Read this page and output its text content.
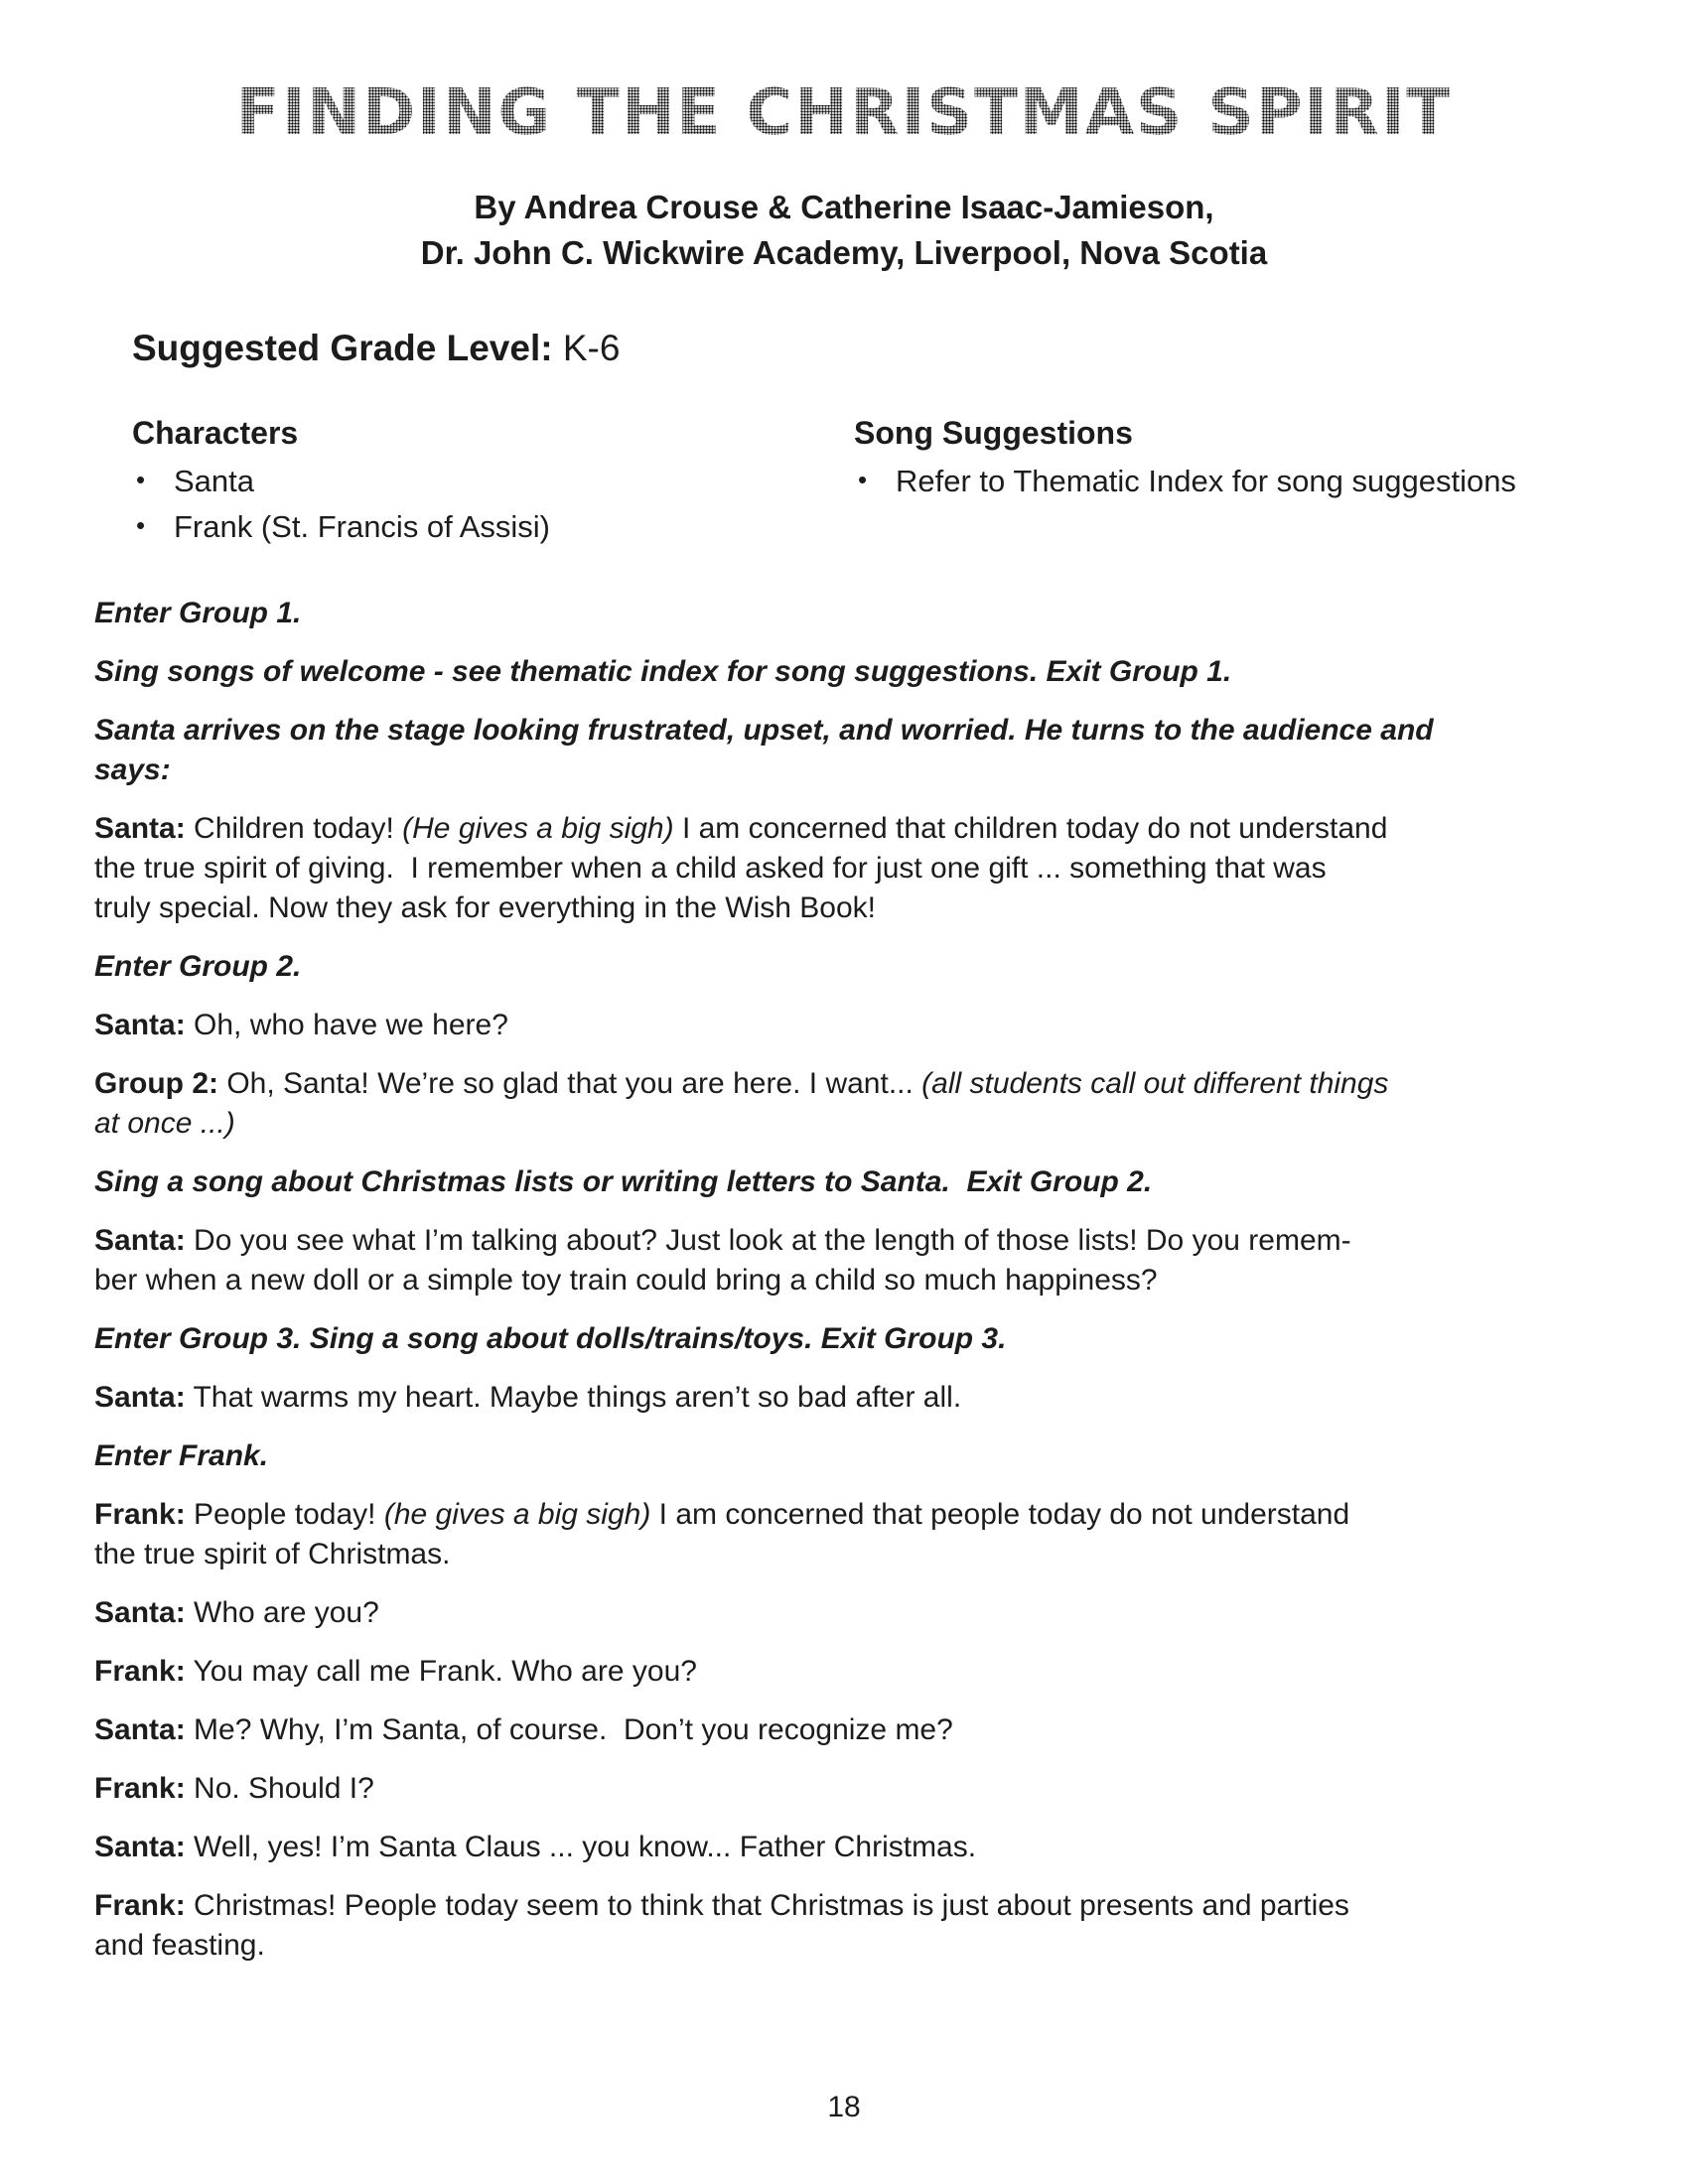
FINDING THE CHRISTMAS SPIRIT
By Andrea Crouse & Catherine Isaac-Jamieson,
Dr. John C. Wickwire Academy, Liverpool, Nova Scotia
Suggested Grade Level: K-6

Characters

• Santa
• Frank (St. Francis of Assisi)

Song Suggestions

• Refer to Thematic Index for song suggestions

Enter Group 1.

Sing songs of welcome - see thematic index for song suggestions. Exit Group 1.

Santa arrives on the stage looking frustrated, upset, and worried. He turns to the audience and
says:

Santa: Children today! (He gives a big sigh) I am concerned that children today do not understand
the true spirit of giving.  I remember when a child asked for just one gift ... something that was
truly special. Now they ask for everything in the Wish Book!

Enter Group 2.

Santa: Oh, who have we here?

Group 2: Oh, Santa! We’re so glad that you are here. I want... (all students call out different things
at once ...)

Sing a song about Christmas lists or writing letters to Santa.  Exit Group 2.

Santa: Do you see what I’m talking about? Just look at the length of those lists! Do you remem-
ber when a new doll or a simple toy train could bring a child so much happiness?

Enter Group 3. Sing a song about dolls/trains/toys. Exit Group 3.

Santa: That warms my heart. Maybe things aren’t so bad after all.

Enter Frank.

Frank: People today! (he gives a big sigh) I am concerned that people today do not understand
the true spirit of Christmas.

Santa: Who are you?

Frank: You may call me Frank. Who are you?

Santa: Me? Why, I’m Santa, of course.  Don’t you recognize me?

Frank: No. Should I?

Santa: Well, yes! I’m Santa Claus ... you know... Father Christmas.

Frank: Christmas! People today seem to think that Christmas is just about presents and parties
and feasting.

18
